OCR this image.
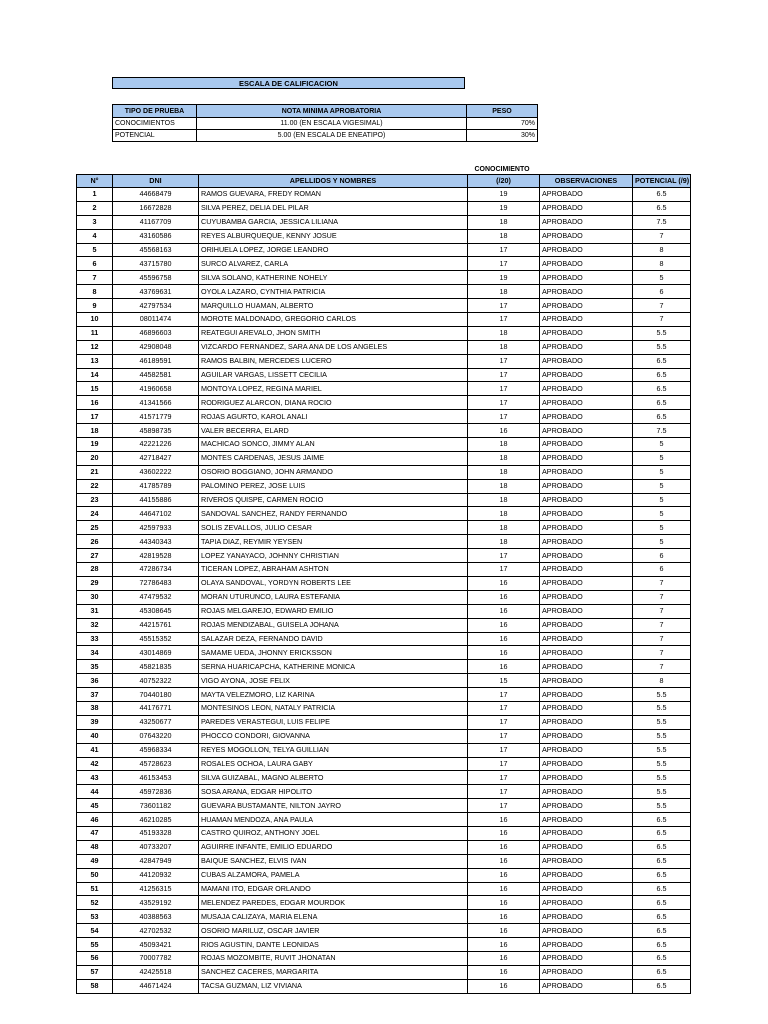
ESCALA DE CALIFICACION
TIPO DE PRUEBA	NOTA MINIMA APROBATORIA	PESO
CONOCIMIENTOS	11.00 (EN ESCALA VIGESIMAL)	70%
POTENCIAL	5.00 (EN ESCALA DE ENEATIPO)	30%
CONOCIMIENTO
N°	DNI	APELLIDOS Y NOMBRES	(/20)	OBSERVACIONES	POTENCIAL (/9)
1	44668479	RAMOS GUEVARA, FREDY ROMAN	19	APROBADO	6.5
2	16672828	SILVA PEREZ, DELIA DEL PILAR	19	APROBADO	6.5
3	41167709	CUYUBAMBA GARCIA, JESSICA LILIANA	18	APROBADO	7.5
4	43160586	REYES ALBURQUEQUE, KENNY JOSUE	18	APROBADO	7
5	45568163	ORIHUELA LOPEZ, JORGE LEANDRO	17	APROBADO	8
6	43715780	SURCO ALVAREZ, CARLA	17	APROBADO	8
7	45596758	SILVA SOLANO, KATHERINE NOHELY	19	APROBADO	5
8	43769631	OYOLA LAZARO, CYNTHIA PATRICIA	18	APROBADO	6
9	42797534	MARQUILLO HUAMAN, ALBERTO	17	APROBADO	7
10	08011474	MOROTE MALDONADO, GREGORIO CARLOS	17	APROBADO	7
11	46896603	REATEGUI AREVALO, JHON SMITH	18	APROBADO	5.5
12	42908048	VIZCARDO FERNANDEZ, SARA ANA DE LOS ANGELES	18	APROBADO	5.5
13	46189591	RAMOS BALBIN, MERCEDES LUCERO	17	APROBADO	6.5
14	44582581	AGUILAR VARGAS, LISSETT CECILIA	17	APROBADO	6.5
15	41960658	MONTOYA LOPEZ, REGINA MARIEL	17	APROBADO	6.5
16	41341566	RODRIGUEZ ALARCON, DIANA ROCIO	17	APROBADO	6.5
17	41571779	ROJAS AGURTO, KAROL ANALI	17	APROBADO	6.5
18	45898735	VALER BECERRA, ELARD	16	APROBADO	7.5
19	42221226	MACHICAO SONCO, JIMMY ALAN	18	APROBADO	5
20	42718427	MONTES CARDENAS, JESUS JAIME	18	APROBADO	5
21	43602222	OSORIO BOGGIANO, JOHN ARMANDO	18	APROBADO	5
22	41785789	PALOMINO PEREZ, JOSE LUIS	18	APROBADO	5
23	44155886	RIVEROS QUISPE, CARMEN ROCIO	18	APROBADO	5
24	44647102	SANDOVAL SANCHEZ, RANDY FERNANDO	18	APROBADO	5
25	42597933	SOLIS ZEVALLOS, JULIO CESAR	18	APROBADO	5
26	44340343	TAPIA DIAZ, REYMIR YEYSEN	18	APROBADO	5
27	42819528	LOPEZ YANAYACO, JOHNNY CHRISTIAN	17	APROBADO	6
28	47286734	TICERAN LOPEZ, ABRAHAM ASHTON	17	APROBADO	6
29	72786483	OLAYA SANDOVAL, YORDYN ROBERTS LEE	16	APROBADO	7
30	47479532	MORAN UTURUNCO, LAURA ESTEFANIA	16	APROBADO	7
31	45308645	ROJAS MELGAREJO, EDWARD EMILIO	16	APROBADO	7
32	44215761	ROJAS MENDIZABAL, GUISELA JOHANA	16	APROBADO	7
33	45515352	SALAZAR DEZA, FERNANDO DAVID	16	APROBADO	7
34	43014869	SAMAME UEDA, JHONNY ERICKSSON	16	APROBADO	7
35	45821835	SERNA HUARICAPCHA, KATHERINE MONICA	16	APROBADO	7
36	40752322	VIGO AYONA, JOSE FELIX	15	APROBADO	8
37	70440180	MAYTA VELEZMORO, LIZ KARINA	17	APROBADO	5.5
38	44176771	MONTESINOS LEON, NATALY PATRICIA	17	APROBADO	5.5
39	43250677	PAREDES VERASTEGUI, LUIS FELIPE	17	APROBADO	5.5
40	07643220	PHOCCO CONDORI, GIOVANNA	17	APROBADO	5.5
41	45968334	REYES MOGOLLON, TELYA GUILLIAN	17	APROBADO	5.5
42	45728623	ROSALES OCHOA, LAURA GABY	17	APROBADO	5.5
43	46153453	SILVA GUIZABAL, MAGNO ALBERTO	17	APROBADO	5.5
44	45972836	SOSA ARANA, EDGAR HIPOLITO	17	APROBADO	5.5
45	73601182	GUEVARA BUSTAMANTE, NILTON JAYRO	17	APROBADO	5.5
46	46210285	HUAMAN MENDOZA, ANA PAULA	16	APROBADO	6.5
47	45193328	CASTRO QUIROZ, ANTHONY JOEL	16	APROBADO	6.5
48	40733207	AGUIRRE INFANTE, EMILIO EDUARDO	16	APROBADO	6.5
49	42847949	BAIQUE SANCHEZ, ELVIS IVAN	16	APROBADO	6.5
50	44120932	CUBAS ALZAMORA, PAMELA	16	APROBADO	6.5
51	41256315	MAMANI ITO, EDGAR ORLANDO	16	APROBADO	6.5
52	43529192	MELENDEZ PAREDES, EDGAR MOURDOK	16	APROBADO	6.5
53	40388563	MUSAJA CALIZAYA, MARIA ELENA	16	APROBADO	6.5
54	42702532	OSORIO MARILUZ, OSCAR JAVIER	16	APROBADO	6.5
55	45093421	RIOS AGUSTIN, DANTE LEONIDAS	16	APROBADO	6.5
56	70007782	ROJAS MOZOMBITE, RUVIT JHONATAN	16	APROBADO	6.5
57	42425518	SANCHEZ CACERES, MARGARITA	16	APROBADO	6.5
58	44671424	TACSA GUZMAN, LIZ VIVIANA	16	APROBADO	6.5
